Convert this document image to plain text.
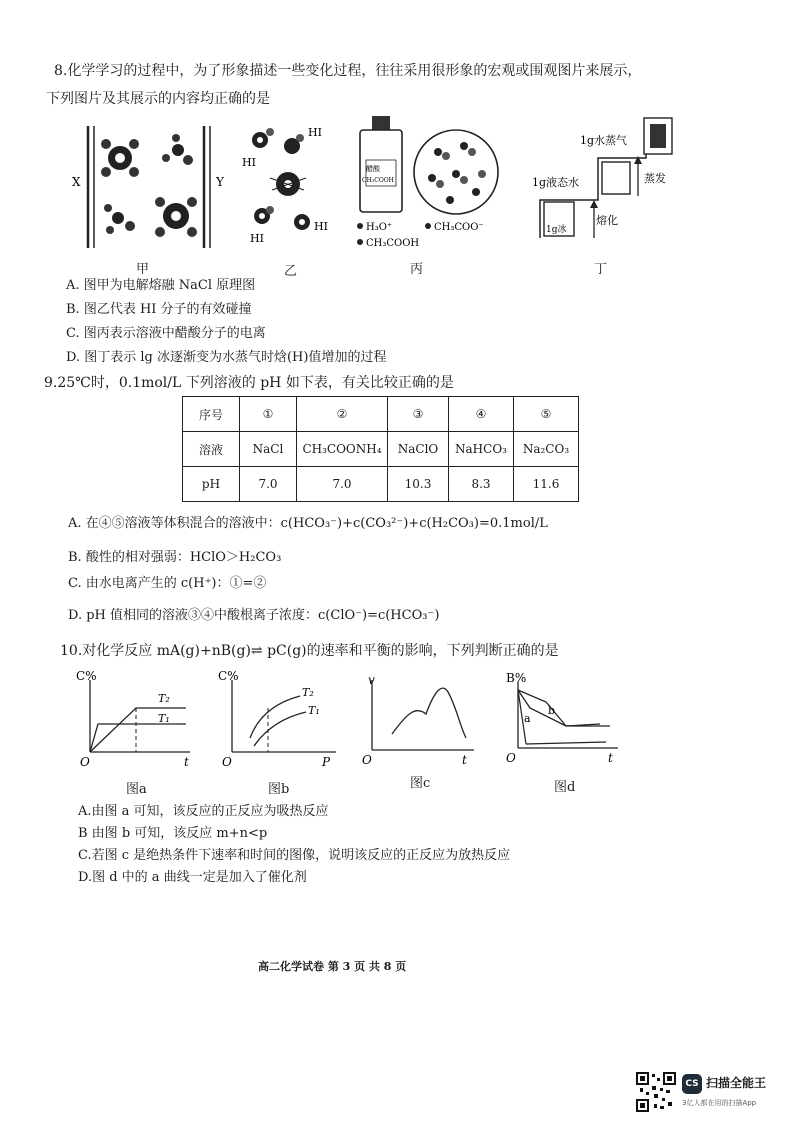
8.化学学习的过程中，为了形象描述一些变化过程，往往采用很形象的宏观或围观图片来展示，
下列图片及其展示的内容均正确的是
X	Y
甲
HI
HI
HI
HI
乙
醋酸
CH₃COOH
H₃O⁺	CH₃COO⁻
CH₃COOH
丙
1g水蒸气
1g液态水
1g冰
蒸发
熔化
丁
A. 图甲为电解熔融 NaCl 原理图
B. 图乙代表 HI 分子的有效碰撞
C. 图丙表示溶液中醋酸分子的电离
D. 图丁表示 lg 冰逐渐变为水蒸气时焓(H)值增加的过程
9.25℃时，0.1mol/L 下列溶液的 pH 如下表，有关比较正确的是
序号	①	②	③	④	⑤
溶液	NaCl	CH₃COONH₄	NaClO	NaHCO₃	Na₂CO₃
pH	7.0	7.0	10.3	8.3	11.6
A. 在④⑤溶液等体积混合的溶液中：c(HCO₃⁻)+c(CO₃²⁻)+c(H₂CO₃)=0.1mol/L
B. 酸性的相对强弱：HClO＞H₂CO₃
C. 由水电离产生的 c(H⁺)：①=②
D. pH 值相同的溶液③④中酸根离子浓度：c(ClO⁻)=c(HCO₃⁻)
10.对化学反应 mA(g)+nB(g)⇌ pC(g)的速率和平衡的影响，下列判断正确的是
C%
O	t
T₂
T₁
图a
C%
O	P
T₂
T₁
图b
v
O	t
图c
B%
O	t
a
b
图d
A.由图 a 可知，该反应的正反应为吸热反应
B 由图 b 可知，该反应 m+n<p
C.若图 c 是绝热条件下速率和时间的图像，说明该反应的正反应为放热反应
D.图 d 中的 a 曲线一定是加入了催化剂
高二化学试卷 第 3 页 共 8 页
CS 扫描全能王
3亿人都在用的扫描App
